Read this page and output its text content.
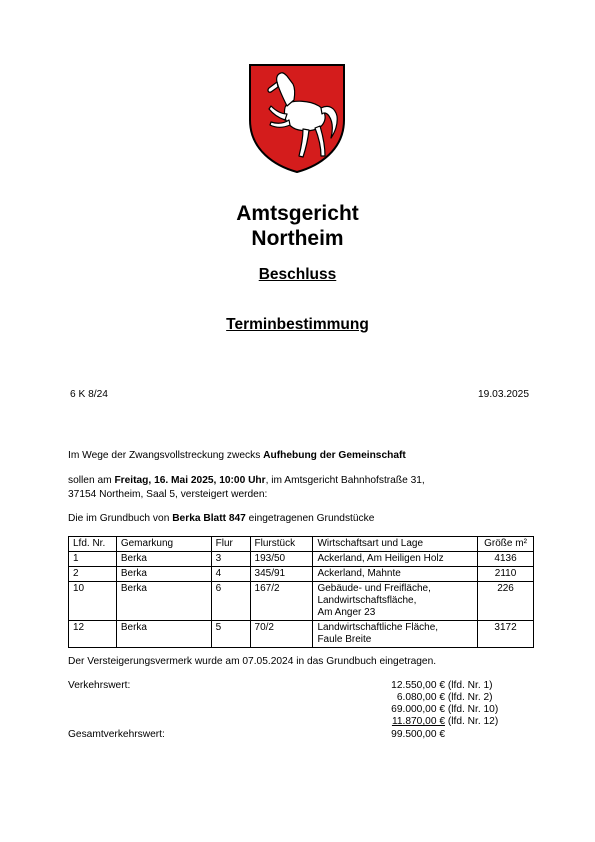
Amtsgericht
Northeim
Beschluss
Terminbestimmung
6 K 8/24	19.03.2025
Im Wege der Zwangsvollstreckung zwecks Aufhebung der Gemeinschaft
sollen am Freitag, 16. Mai 2025, 10:00 Uhr, im Amtsgericht Bahnhofstraße 31,
37154 Northeim, Saal 5, versteigert werden:
Die im Grundbuch von Berka Blatt 847 eingetragenen Grundstücke
Lfd. Nr.	Gemarkung	Flur	Flurstück	Wirtschaftsart und Lage	Größe m²
1	Berka	3	193/50	Ackerland, Am Heiligen Holz	4136
2	Berka	4	345/91	Ackerland, Mahnte	2110
10	Berka	6	167/2	Gebäude- und Freifläche,
Landwirtschaftsfläche,
Am Anger 23	226
12	Berka	5	70/2	Landwirtschaftliche Fläche,
Faule Breite	3172
Der Versteigerungsvermerk wurde am 07.05.2024 in das Grundbuch eingetragen.
Verkehrswert:	12.550,00 € (lfd. Nr. 1)
6.080,00 € (lfd. Nr. 2)
69.000,00 € (lfd. Nr. 10)
11.870,00 € (lfd. Nr. 12)
Gesamtverkehrswert:	99.500,00 €
